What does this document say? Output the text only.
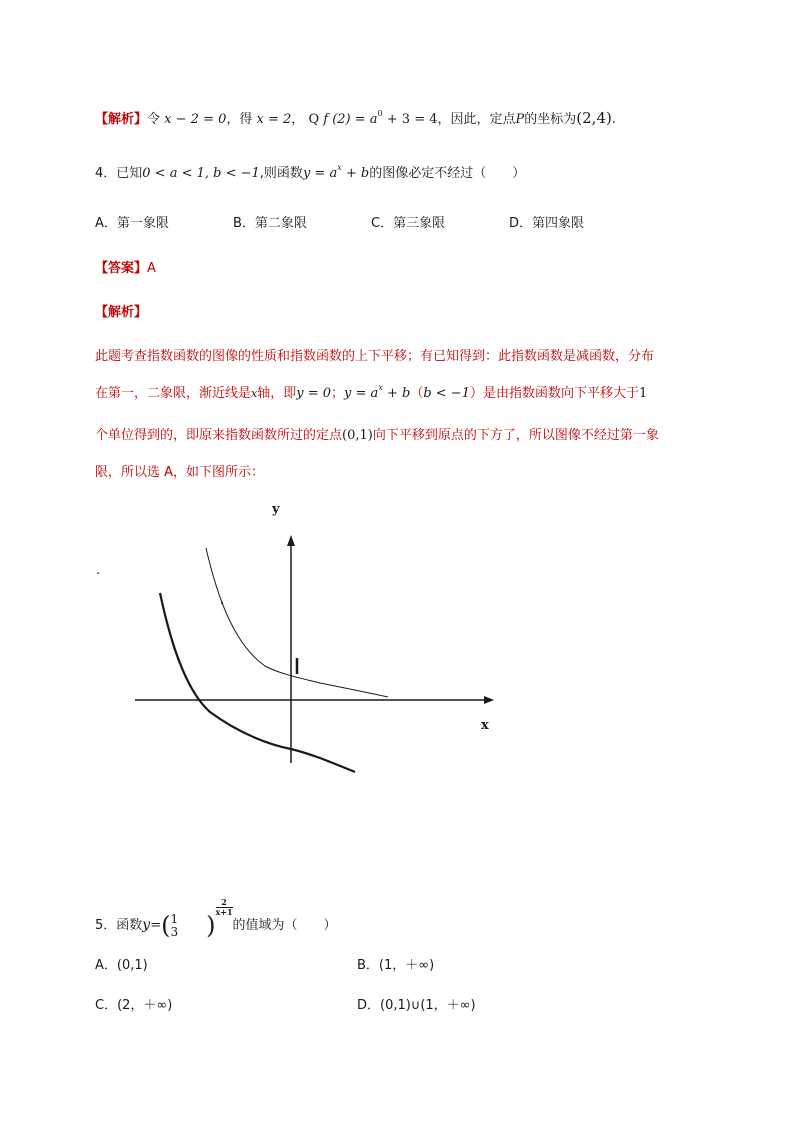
【解析】令 x − 2 = 0，得 x = 2， Q f $(2) = a^0 + 3 = 4$，因此，定点P的坐标为(2,4).
4．已知0 < a < 1, b < −1,则函数$y = a^x + b$的图像必定不经过（　　）
A．第一象限	B．第二象限	C．第三象限	D．第四象限
【答案】A
【解析】
此题考查指数函数的图像的性质和指数函数的上下平移；有已知得到：此指数函数是减函数，分布
在第一，二象限，渐近线是x轴，即y = 0；$y = a^x + b(b < -1)$是由指数函数向下平移大于1
个单位得到的，即原来指数函数所过的定点(0,1)向下平移到原点的下方了，所以图像不经过第一象
限，所以选 A，如下图所示：
y
x
.
5．函数y=( 1
3 )
$\frac{2}{x+1}$
的值域为（　　）
A．(0,1)	B．(1，＋∞)
C．(2，＋∞)	D．(0,1)∪(1，＋∞)
